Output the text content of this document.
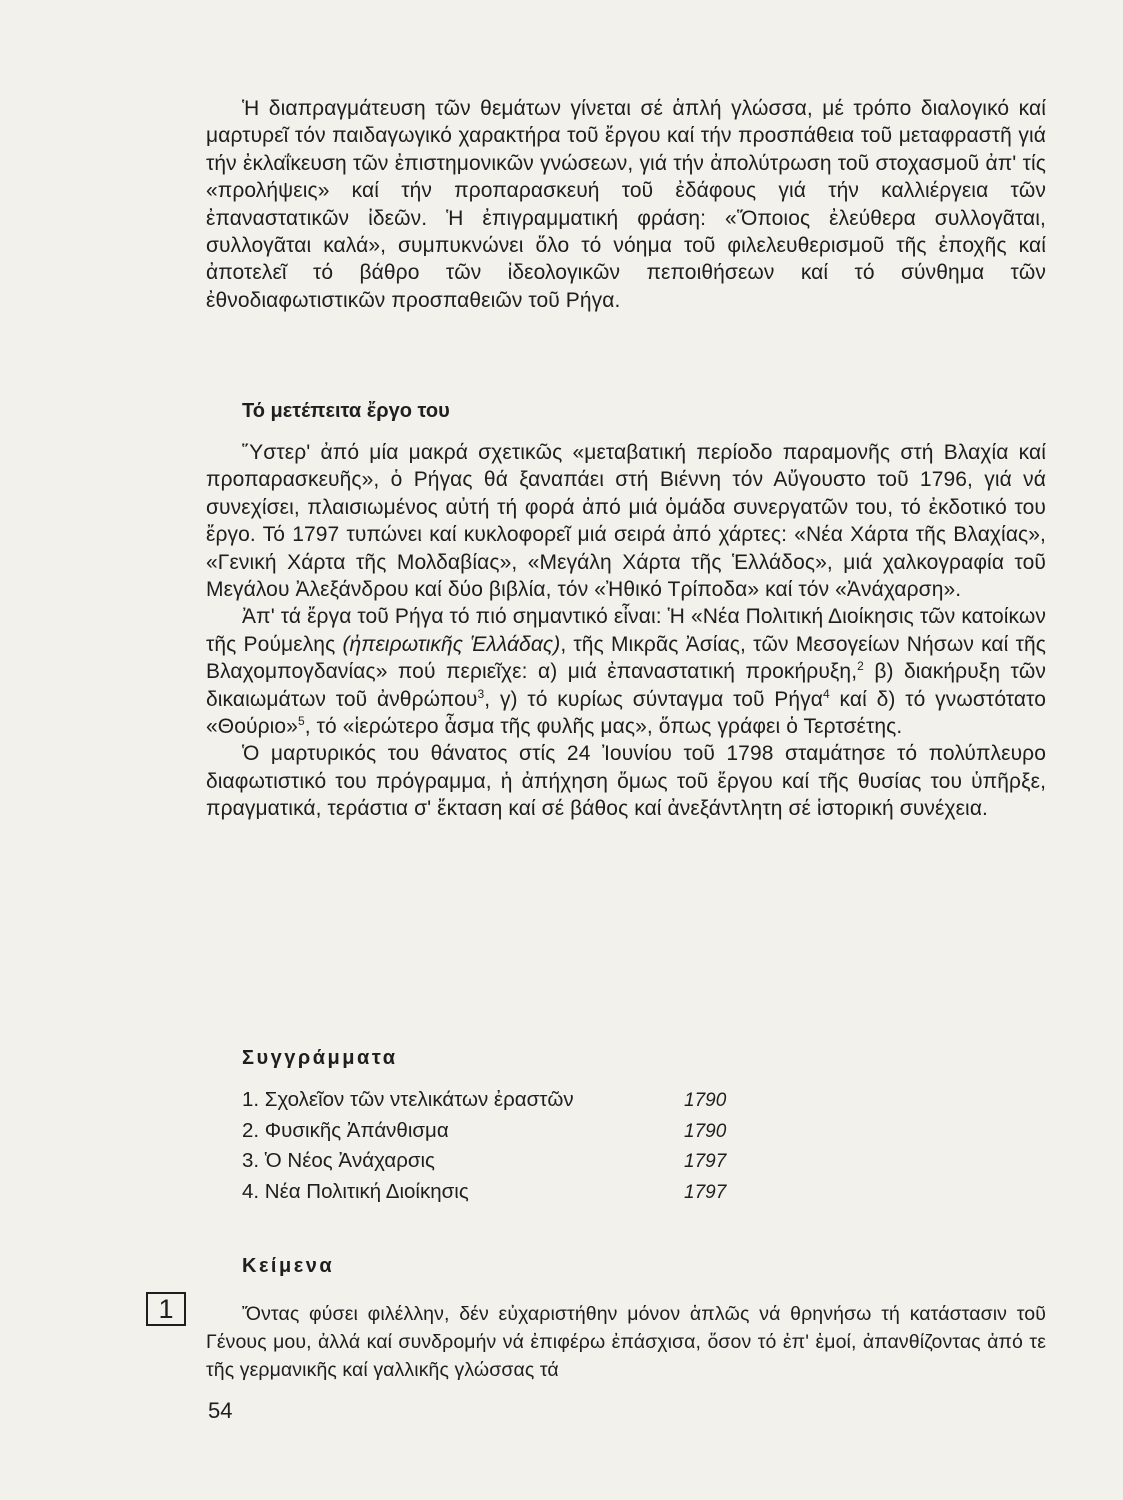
Ἡ διαπραγμάτευση τῶν θεμάτων γίνεται σέ ἁπλή γλώσσα, μέ τρόπο διαλογικό καί μαρτυρεῖ τόν παιδαγωγικό χαρακτήρα τοῦ ἔργου καί τήν προσπάθεια τοῦ μεταφραστῆ γιά τήν ἐκλαΐκευση τῶν ἐπιστημονικῶν γνώσεων, γιά τήν ἀπολύτρωση τοῦ στοχασμοῦ ἀπ' τίς «προλήψεις» καί τήν προπαρασκευή τοῦ ἐδάφους γιά τήν καλλιέργεια τῶν ἐπαναστατικῶν ἰδεῶν. Ἡ ἐπιγραμματική φράση: «Ὅποιος ἐλεύθερα συλλογᾶται, συλλογᾶται καλά», συμπυκνώνει ὅλο τό νόημα τοῦ φιλελευθερισμοῦ τῆς ἐποχῆς καί ἀποτελεῖ τό βάθρο τῶν ἰδεολογικῶν πεποιθήσεων καί τό σύνθημα τῶν ἐθνοδιαφωτιστικῶν προσπαθειῶν τοῦ Ρήγα.

Τό μετέπειτα ἔργο του

Ὕστερ' ἀπό μία μακρά σχετικῶς «μεταβατική περίοδο παραμονῆς στή Βλαχία καί προπαρασκευῆς», ὁ Ρήγας θά ξαναπάει στή Βιέννη τόν Αὔγουστο τοῦ 1796, γιά νά συνεχίσει, πλαισιωμένος αὐτή τή φορά ἀπό μιά ὁμάδα συνεργατῶν του, τό ἐκδοτικό του ἔργο. Τό 1797 τυπώνει καί κυκλοφορεῖ μιά σειρά ἀπό χάρτες: «Νέα Χάρτα τῆς Βλαχίας», «Γενική Χάρτα τῆς Μολδαβίας», «Μεγάλη Χάρτα τῆς Ἑλλάδος», μιά χαλκογραφία τοῦ Μεγάλου Ἀλεξάνδρου καί δύο βιβλία, τόν «Ἠθικό Τρίποδα» καί τόν «Ἀνάχαρση».

Ἀπ' τά ἔργα τοῦ Ρήγα τό πιό σημαντικό εἶναι: Ἡ «Νέα Πολιτική Διοίκησις τῶν κατοίκων τῆς Ρούμελης (ἠπειρωτικῆς Ἑλλάδας), τῆς Μικρᾶς Ἀσίας, τῶν Μεσογείων Νήσων καί τῆς Βλαχομπογδανίας» πού περιεῖχε: α) μιά ἐπαναστατική προκήρυξη,$^2$ β) διακήρυξη τῶν δικαιωμάτων τοῦ ἀνθρώπου$^3$, γ) τό κυρίως σύνταγμα τοῦ Ρήγα$^4$ καί δ) τό γνωστότατο «Θούριο»$^5$, τό «ἱερώτερο ἆσμα τῆς φυλῆς μας», ὅπως γράφει ὁ Τερτσέτης.

Ὁ μαρτυρικός του θάνατος στίς 24 Ἰουνίου τοῦ 1798 σταμάτησε τό πολύπλευρο διαφωτιστικό του πρόγραμμα, ἡ ἀπήχηση ὅμως τοῦ ἔργου καί τῆς θυσίας του ὑπῆρξε, πραγματικά, τεράστια σ' ἔκταση καί σέ βάθος καί ἀνεξάντλητη σέ ἱστορική συνέχεια.

Συγγράμματα
1. Σχολεῖον τῶν ντελικάτων ἐραστῶν	1790
2. Φυσικῆς Ἀπάνθισμα	1790
3. Ὁ Νέος Ἀνάχαρσις	1797
4. Νέα Πολιτική Διοίκησις	1797
Κείμενα
1	Ὄντας φύσει φιλέλλην, δέν εὐχαριστήθην μόνον ἁπλῶς νά θρηνήσω τή κατάστασιν τοῦ Γένους μου, ἀλλά καί συνδρομήν νά ἐπιφέρω ἐπάσχισα, ὅσον τό ἐπ' ἐμοί, ἀπανθίζοντας ἀπό τε τῆς γερμανικῆς καί γαλλικῆς γλώσσας τά

54
